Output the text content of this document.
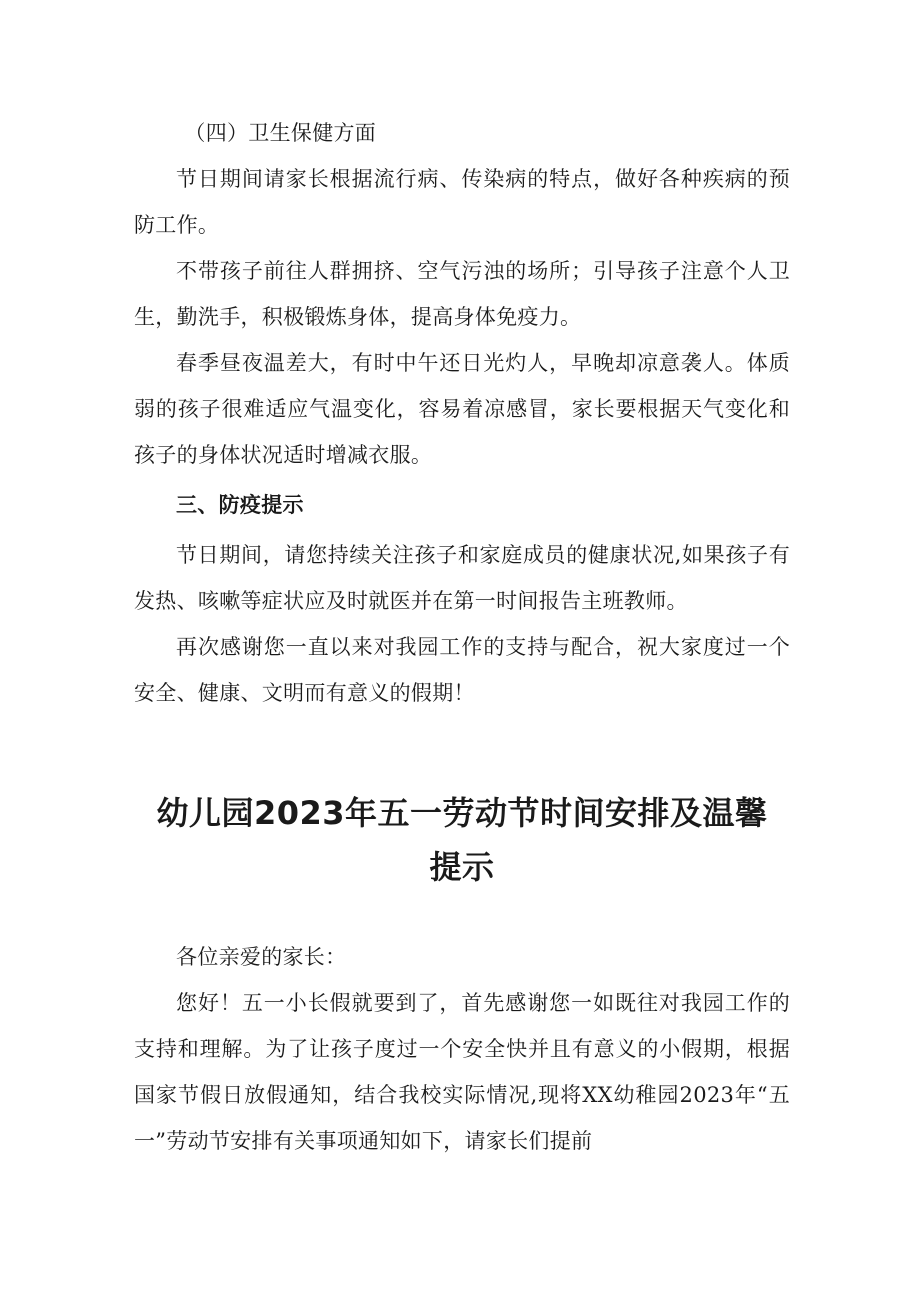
（四）卫生保健方面

节日期间请家长根据流行病、传染病的特点，做好各种疾病的预防工作。

不带孩子前往人群拥挤、空气污浊的场所；引导孩子注意个人卫生，勤洗手，积极锻炼身体，提高身体免疫力。

春季昼夜温差大，有时中午还日光灼人，早晚却凉意袭人。体质弱的孩子很难适应气温变化，容易着凉感冒，家长要根据天气变化和孩子的身体状况适时增减衣服。

三、防疫提示

节日期间，请您持续关注孩子和家庭成员的健康状况,如果孩子有发热、咳嗽等症状应及时就医并在第一时间报告主班教师。

再次感谢您一直以来对我园工作的支持与配合，祝大家度过一个安全、健康、文明而有意义的假期！

幼儿园2023年五一劳动节时间安排及温馨
提示

各位亲爱的家长：

您好！五一小长假就要到了，首先感谢您一如既往对我园工作的支持和理解。为了让孩子度过一个安全快并且有意义的小假期，根据国家节假日放假通知，结合我校实际情况,现将XX幼稚园2023年“五一”劳动节安排有关事项通知如下，请家长们提前
